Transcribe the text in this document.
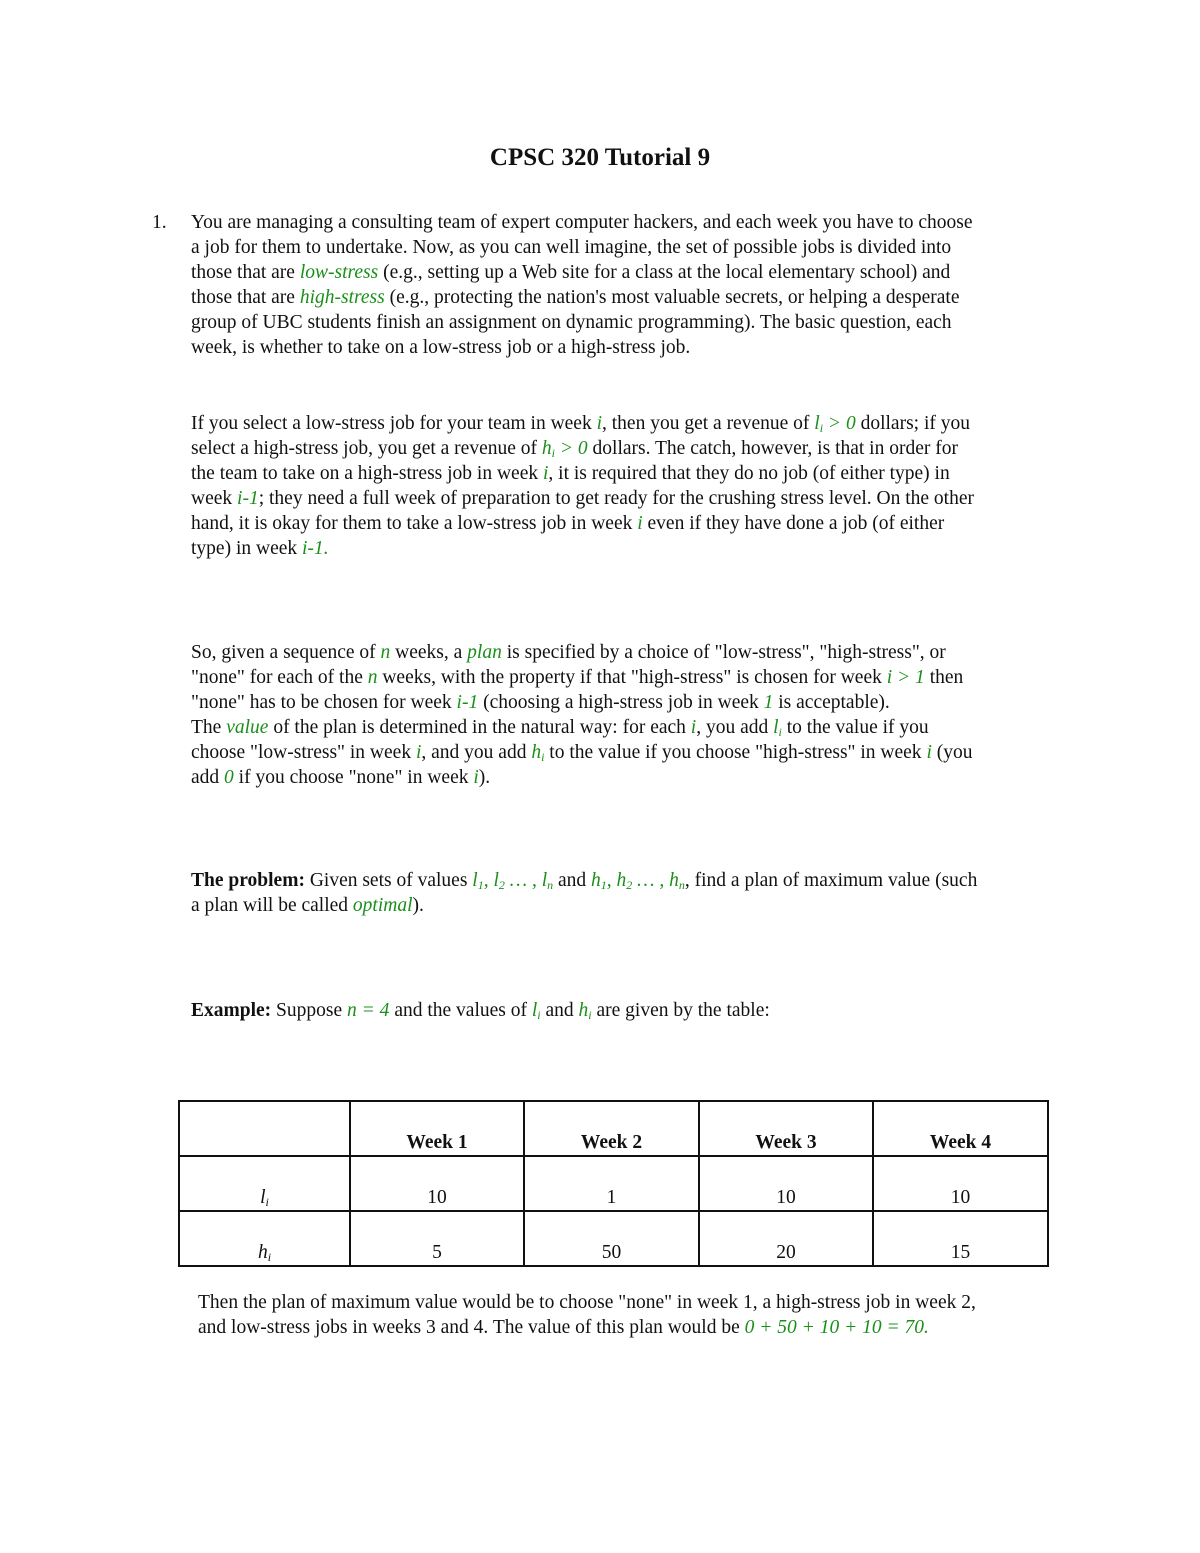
CPSC 320 Tutorial 9
1. You are managing a consulting team of expert computer hackers, and each week you have to choose
a job for them to undertake. Now, as you can well imagine, the set of possible jobs is divided into
those that are low-stress (e.g., setting up a Web site for a class at the local elementary school) and
those that are high-stress (e.g., protecting the nation's most valuable secrets, or helping a desperate
group of UBC students finish an assignment on dynamic programming). The basic question, each
week, is whether to take on a low-stress job or a high-stress job.
If you select a low-stress job for your team in week i, then you get a revenue of $l_i > 0$ dollars; if you
select a high-stress job, you get a revenue of $h_i > 0$ dollars. The catch, however, is that in order for
the team to take on a high-stress job in week i, it is required that they do no job (of either type) in
week i-1; they need a full week of preparation to get ready for the crushing stress level. On the other
hand, it is okay for them to take a low-stress job in week i even if they have done a job (of either
type) in week i-1.
So, given a sequence of n weeks, a plan is specified by a choice of "low-stress", "high-stress", or
"none" for each of the n weeks, with the property if that "high-stress" is chosen for week i > 1 then
"none" has to be chosen for week i-1 (choosing a high-stress job in week 1 is acceptable).
The value of the plan is determined in the natural way: for each i, you add $l_i$ to the value if you
choose "low-stress" in week i, and you add $h_i$ to the value if you choose "high-stress" in week i (you
add 0 if you choose "none" in week i).
The problem: Given sets of values $l_1$, $l_2$ … , $l_n$ and $h_1$, $h_2$ … , $h_n$, find a plan of maximum value (such
a plan will be called optimal).
Example: Suppose n = 4 and the values of $l_i$ and $h_i$ are given by the table:
	Week 1	Week 2	Week 3	Week 4
$l_i$	10	1	10	10
$h_i$	5	50	20	15
Then the plan of maximum value would be to choose "none" in week 1, a high-stress job in week 2,
and low-stress jobs in weeks 3 and 4. The value of this plan would be 0 + 50 + 10 + 10 = 70.
